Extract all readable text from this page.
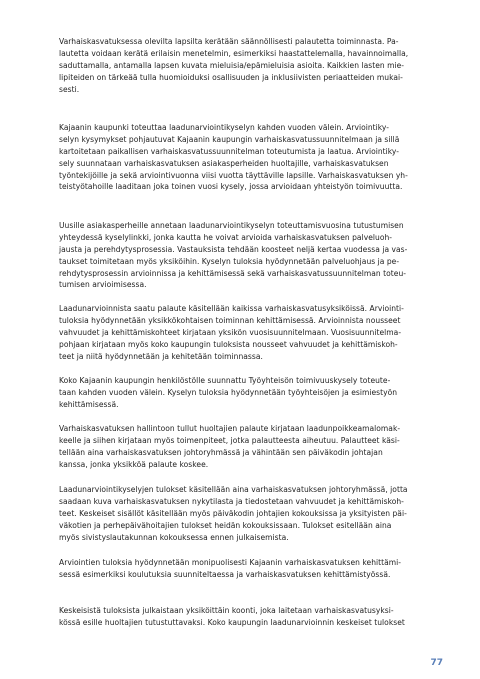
Varhaiskasvatuksessa olevilta lapsilta kerätään säännöllisesti palautetta toiminnasta. Pa-
lautetta voidaan kerätä erilaisin menetelmin, esimerkiksi haastattelemalla, havainnoimalla,
saduttamalla, antamalla lapsen kuvata mieluisia/epämieluisia asioita. Kaikkien lasten mie-
lipiteiden on tärkeää tulla huomioiduksi osallisuuden ja inklusiivisten periaatteiden mukai-
sesti.
Kajaanin kaupunki toteuttaa laadunarviointikyselyn kahden vuoden välein. Arviointiky-
selyn kysymykset pohjautuvat Kajaanin kaupungin varhaiskasvatussuunnitelmaan ja sillä
kartoitetaan paikallisen varhaiskasvatussuunnitelman toteutumista ja laatua. Arviointiky-
sely suunnataan varhaiskasvatuksen asiakasperheiden huoltajille, varhaiskasvatuksen
työntekijöille ja sekä arviointivuonna viisi vuotta täyttäville lapsille. Varhaiskasvatuksen yh-
teistyötahoille laaditaan joka toinen vuosi kysely, jossa arvioidaan yhteistyön toimivuutta.
Uusille asiakasperheille annetaan laadunarviointikyselyn toteuttamisvuosina tutustumisen
yhteydessä kyselylinkki, jonka kautta he voivat arvioida varhaiskasvatuksen palveluoh-
jausta ja perehdytysprosessia. Vastauksista tehdään koosteet neljä kertaa vuodessa ja vas-
taukset toimitetaan myös yksiköihin. Kyselyn tuloksia hyödynnetään palveluohjaus ja pe-
rehdytysprosessin arvioinnissa ja kehittämisessä sekä varhaiskasvatussuunnitelman toteu-
tumisen arvioimisessa.
Laadunarvioinnista saatu palaute käsitellään kaikissa varhaiskasvatusyksiköissä. Arviointi-
tuloksia hyödynnetään yksikkökohtaisen toiminnan kehittämisessä. Arvioinnista nousseet
vahvuudet ja kehittämiskohteet kirjataan yksikön vuosisuunnitelmaan. Vuosisuunnitelma-
pohjaan kirjataan myös koko kaupungin tuloksista nousseet vahvuudet ja kehittämiskoh-
teet ja niitä hyödynnetään ja kehitetään toiminnassa.
Koko Kajaanin kaupungin henkilöstölle suunnattu Työyhteisön toimivuuskysely toteute-
taan kahden vuoden välein. Kyselyn tuloksia hyödynnetään työyhteisöjen ja esimiestyön
kehittämisessä.
Varhaiskasvatuksen hallintoon tullut huoltajien palaute kirjataan laadunpoikkeamalomak-
keelle ja siihen kirjataan myös toimenpiteet, jotka palautteesta aiheutuu. Palautteet käsi-
tellään aina varhaiskasvatuksen johtoryhmässä ja vähintään sen päiväkodin johtajan
kanssa, jonka yksikköä palaute koskee.
Laadunarviointikyselyjen tulokset käsitellään aina varhaiskasvatuksen johtoryhmässä, jotta
saadaan kuva varhaiskasvatuksen nykytilasta ja tiedostetaan vahvuudet ja kehittämiskoh-
teet. Keskeiset sisällöt käsitellään myös päiväkodin johtajien kokouksissa ja yksityisten päi-
väkotien ja perhepäivähoitajien tulokset heidän kokouksissaan. Tulokset esitellään aina
myös sivistyslautakunnan kokouksessa ennen julkaisemista.
Arviointien tuloksia hyödynnetään monipuolisesti Kajaanin varhaiskasvatuksen kehittämi-
sessä esimerkiksi koulutuksia suunniteltaessa ja varhaiskasvatuksen kehittämistyössä.
Keskeisistä tuloksista julkaistaan yksiköittäin koonti, joka laitetaan varhaiskasvatusyksi-
kössä esille huoltajien tutustuttavaksi. Koko kaupungin laadunarvioinnin keskeiset tulokset
77
